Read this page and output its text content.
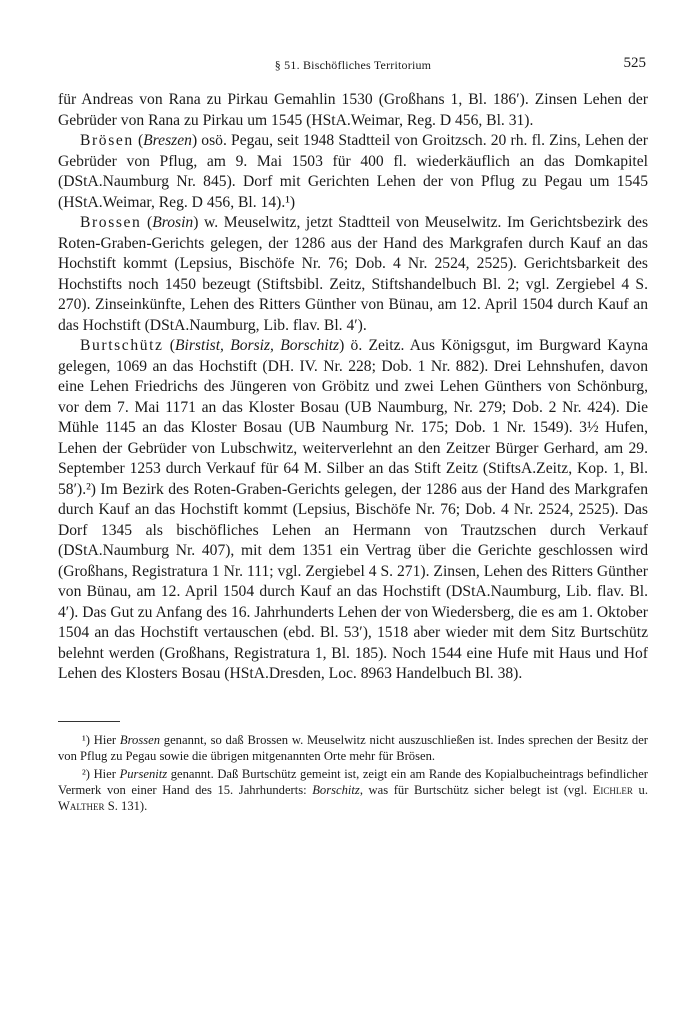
§ 51. Bischöfliches Territorium	525

für Andreas von Rana zu Pirkau Gemahlin 1530 (Großhans 1, Bl. 186′). Zinsen Lehen der Gebrüder von Rana zu Pirkau um 1545 (HStA.Weimar, Reg. D 456, Bl. 31).

Brösen (Breszen) osö. Pegau, seit 1948 Stadtteil von Groitzsch. 20 rh. fl. Zins, Lehen der Gebrüder von Pflug, am 9. Mai 1503 für 400 fl. wiederkäuflich an das Domkapitel (DStA.Naumburg Nr. 845). Dorf mit Gerichten Lehen der von Pflug zu Pegau um 1545 (HStA.Weimar, Reg. D 456, Bl. 14).¹)

Brossen (Brosin) w. Meuselwitz, jetzt Stadtteil von Meuselwitz. Im Gerichtsbezirk des Roten-Graben-Gerichts gelegen, der 1286 aus der Hand des Markgrafen durch Kauf an das Hochstift kommt (Lepsius, Bischöfe Nr. 76; Dob. 4 Nr. 2524, 2525). Gerichtsbarkeit des Hochstifts noch 1450 bezeugt (Stiftsbibl. Zeitz, Stiftshandelbuch Bl. 2; vgl. Zergiebel 4 S. 270). Zinseinkünfte, Lehen des Ritters Günther von Bünau, am 12. April 1504 durch Kauf an das Hochstift (DStA.Naumburg, Lib. flav. Bl. 4′).

Burtschütz (Birstist, Borsiz, Borschitz) ö. Zeitz. Aus Königsgut, im Burgward Kayna gelegen, 1069 an das Hochstift (DH. IV. Nr. 228; Dob. 1 Nr. 882). Drei Lehnshufen, davon eine Lehen Friedrichs des Jüngeren von Gröbitz und zwei Lehen Günthers von Schönburg, vor dem 7. Mai 1171 an das Kloster Bosau (UB Naumburg, Nr. 279; Dob. 2 Nr. 424). Die Mühle 1145 an das Kloster Bosau (UB Naumburg Nr. 175; Dob. 1 Nr. 1549). 3½ Hufen, Lehen der Gebrüder von Lubschwitz, weiterverlehnt an den Zeitzer Bürger Gerhard, am 29. September 1253 durch Verkauf für 64 M. Silber an das Stift Zeitz (StiftsA.Zeitz, Kop. 1, Bl. 58′).²) Im Bezirk des Roten-Graben-Gerichts gelegen, der 1286 aus der Hand des Markgrafen durch Kauf an das Hochstift kommt (Lepsius, Bischöfe Nr. 76; Dob. 4 Nr. 2524, 2525). Das Dorf 1345 als bischöfliches Lehen an Hermann von Trautzschen durch Verkauf (DStA.Naumburg Nr. 407), mit dem 1351 ein Vertrag über die Gerichte geschlossen wird (Großhans, Registratura 1 Nr. 111; vgl. Zergiebel 4 S. 271). Zinsen, Lehen des Ritters Günther von Bünau, am 12. April 1504 durch Kauf an das Hochstift (DStA.Naumburg, Lib. flav. Bl. 4′). Das Gut zu Anfang des 16. Jahrhunderts Lehen der von Wiedersberg, die es am 1. Oktober 1504 an das Hochstift vertauschen (ebd. Bl. 53′), 1518 aber wieder mit dem Sitz Burtschütz belehnt werden (Großhans, Registratura 1, Bl. 185). Noch 1544 eine Hufe mit Haus und Hof Lehen des Klosters Bosau (HStA.Dresden, Loc. 8963 Handelbuch Bl. 38).

¹) Hier Brossen genannt, so daß Brossen w. Meuselwitz nicht auszuschließen ist. Indes sprechen der Besitz der von Pflug zu Pegau sowie die übrigen mitgenannten Orte mehr für Brösen.

²) Hier Pursenitz genannt. Daß Burtschütz gemeint ist, zeigt ein am Rande des Kopialbucheintrags befindlicher Vermerk von einer Hand des 15. Jahrhunderts: Borschitz, was für Burtschütz sicher belegt ist (vgl. Eichler u. Walther S. 131).
